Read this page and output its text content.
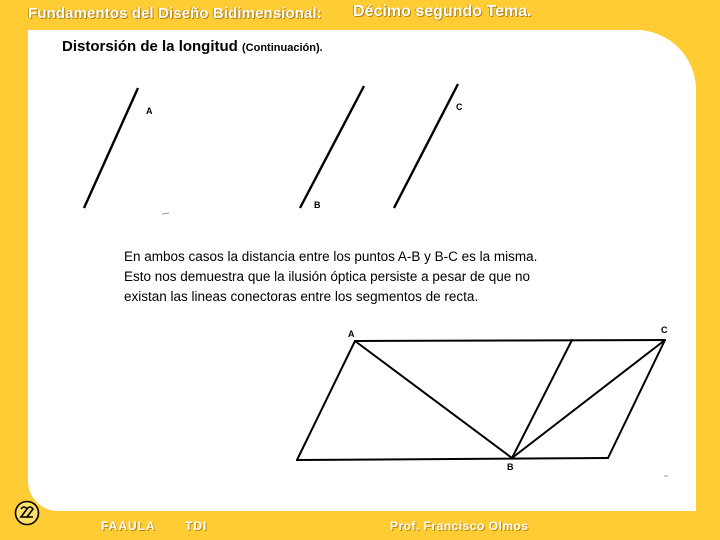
Fundamentos del Diseño Bidimensional: Décimo segundo Tema.
Distorsión de la longitud (Continuación).
A
B
C

En ambos casos la distancia entre los puntos A-B y B-C es la misma.

Esto nos demuestra que la ilusión óptica persiste a pesar de que no

existan las lineas conectoras entre los segmentos de recta.

A	C
B
FAAULA TDI	Prof. Francisco Olmos
